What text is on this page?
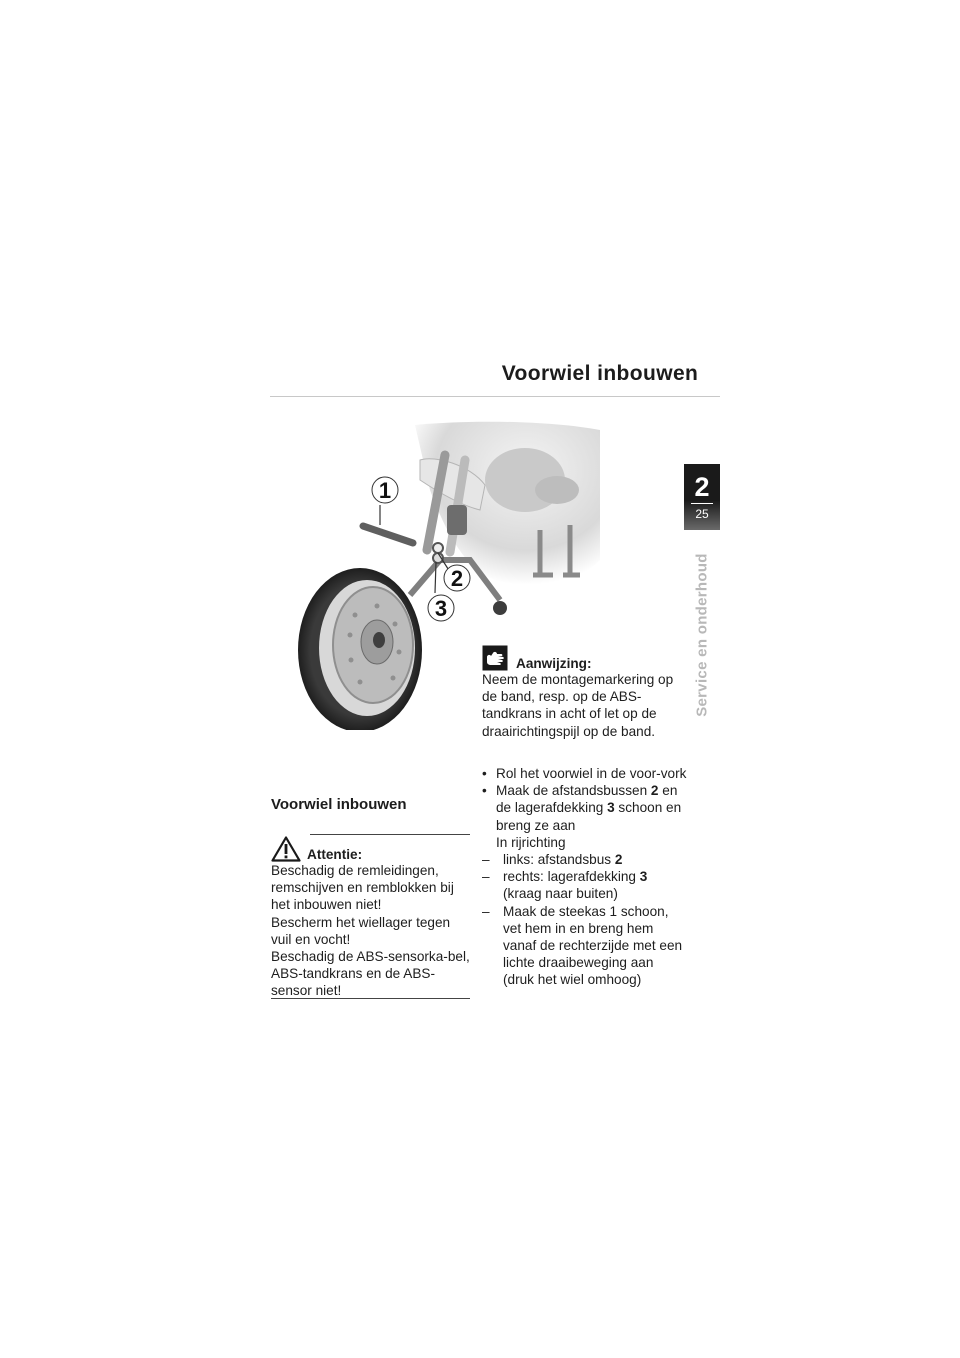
Voorwiel inbouwen
2
25
Service en onderhoud
1
2
3
Aanwijzing:

Neem de montagemarkering op de band, resp. op de ABS-tandkrans in acht of let op de draairichtingspijl op de band.

Voorwiel inbouwen
Attentie:

Beschadig de remleidingen, remschijven en remblokken bij het inbouwen niet!

Bescherm het wiellager tegen vuil en vocht!

Beschadig de ABS-sensorka-bel, ABS-tandkrans en de ABS-sensor niet!

• Rol het voorwiel in de voor-vork

• Maak de afstandsbussen 2 en de lagerafdekking 3 schoon en breng ze aan

In rijrichting

– links: afstandsbus 2

– rechts: lagerafdekking 3 (kraag naar buiten)

– Maak de steekas 1 schoon, vet hem in en breng hem vanaf de rechterzijde met een lichte draaibeweging aan (druk het wiel omhoog)
